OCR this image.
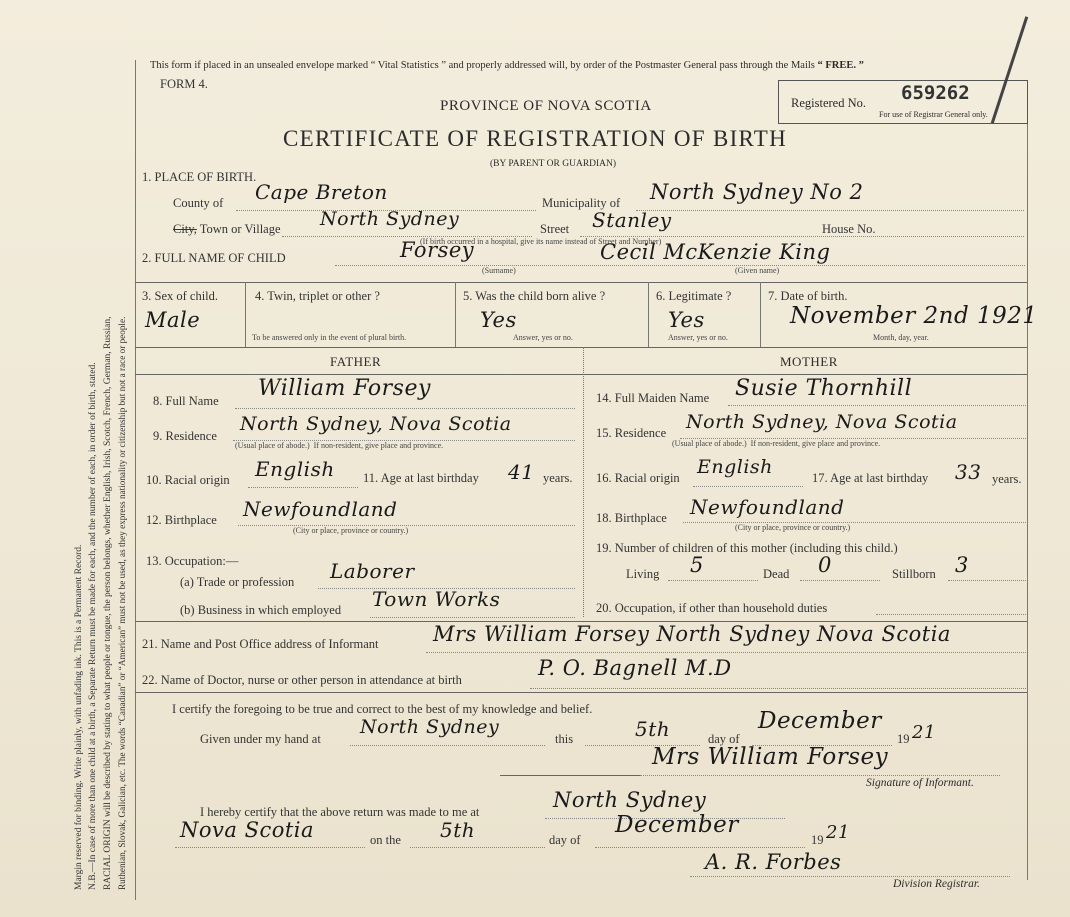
Margin reserved for binding. Write plainly, with unfading ink. This is a Permanent Record. N.B.—In case of more than one child at a birth, a Separate Return must be made for each, and the number of each, in order of birth, stated. RACIAL ORIGIN will be described by stating to what people or tongue, the person belongs, whether English, Irish, Scotch, French, German, Russian, Ruthenian, Slovak, Galician, etc. The words “Canadian” or “American” must not be used, as they express nationality or citizenship but not a race or people.
This form if placed in an unsealed envelope marked “ Vital Statistics ” and properly addressed will, by order of the Postmaster General pass through the Mails “ FREE. ”
FORM 4.
PROVINCE OF NOVA SCOTIA
CERTIFICATE OF REGISTRATION OF BIRTH
(BY PARENT OR GUARDIAN)
Registered No. 659262
For use of Registrar General only.
1. PLACE OF BIRTH.
County of Cape Breton	Municipality of North Sydney No 2
City, Town or Village North Sydney	Street Stanley	House No.
(If birth occurred in a hospital, give its name instead of Street and Number)
2. FULL NAME OF CHILD	Forsey	Cecil McKenzie King
(Surname)	(Given name)
3. Sex of child.
Male
4. Twin, triplet or other ?
To be answered only in the event of plural birth.
5. Was the child born alive ?
Yes
Answer, yes or no.
6. Legitimate ?
Yes
Answer, yes or no.
7. Date of birth.
November 2nd 1921
Month, day, year.
FATHER	MOTHER
8. Full Name William Forsey
9. Residence
North Sydney, Nova Scotia
(Usual place of abode.) If non-resident, give place and province.
10. Racial origin English 11. Age at last birthday 41 years.
12. Birthplace Newfoundland
(City or place, province or country.)
13. Occupation:—
(a) Trade or profession Laborer
(b) Business in which employed Town Works
14. Full Maiden Name Susie Thornhill
15. Residence North Sydney, Nova Scotia
(Usual place of abode.) If non-resident, give place and province.
16. Racial origin English	17. Age at last birthday 33 years.
18. Birthplace Newfoundland
(City or place, province or country.)
19. Number of children of this mother (including this child.)
Living 5	Dead 0	Stillborn 3
20. Occupation, if other than household duties
21. Name and Post Office address of Informant	Mrs William Forsey North Sydney Nova Scotia
22. Name of Doctor, nurse or other person in attendance at birth	P. O. Bagnell M.D
I certify the foregoing to be true and correct to the best of my knowledge and belief.
Given under my hand at
North Sydney
this	5th	day of
December
19 21
Mrs William Forsey
Signature of Informant.
I hereby certify that the above return was made to me at	North Sydney
Nova Scotia	on the 5th	day of
December
19 21
A. R. Forbes
Division Registrar.
